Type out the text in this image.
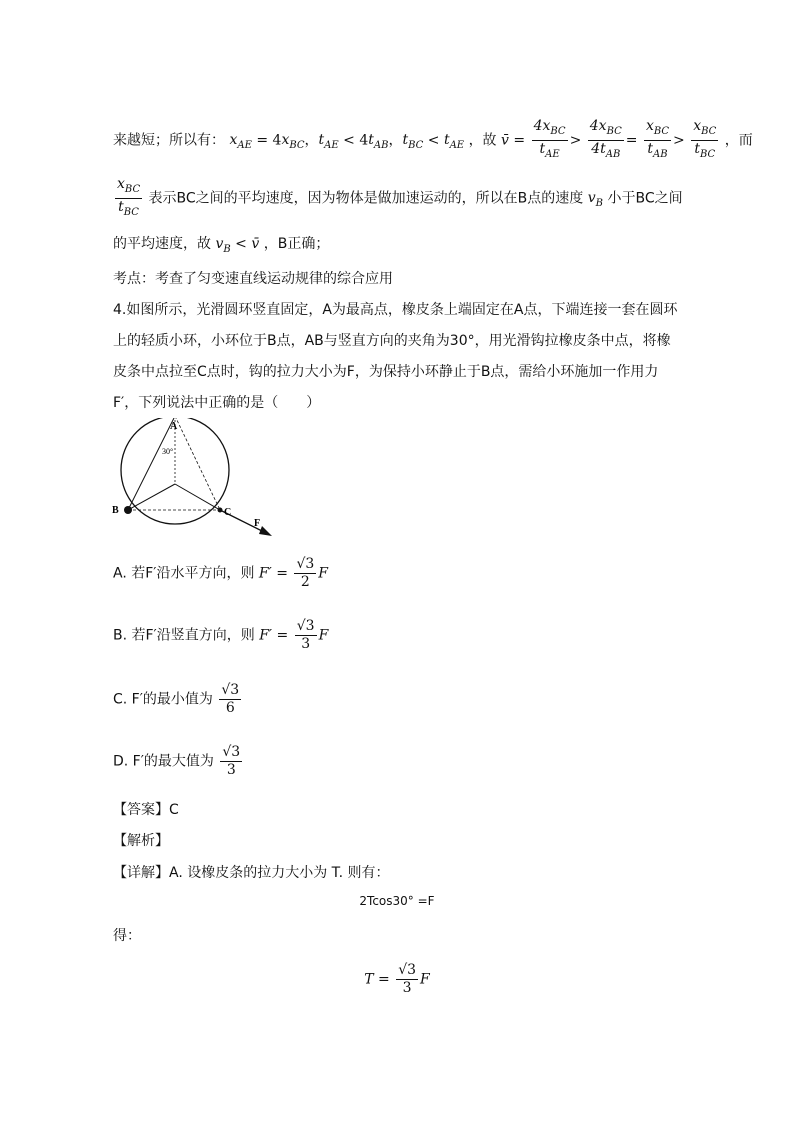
来越短；所以有： $x_{AE} = 4x_{BC}$，$t_{AE} < 4t_{AB}$，$t_{BC} < t_{AE}$ ，故 v̄ = $\frac{4x_{BC}}{t_{AE}} > \frac{4x_{BC}}{4t_{AB}} = \frac{x_{BC}}{t_{AB}} > \frac{x_{BC}}{t_{BC}}$ ，而
$\frac{x_{BC}}{t_{BC}}$ 表示BC之间的平均速度，因为物体是做加速运动的，所以在B点的速度 $v_B$ 小于BC之间
的平均速度，故 $v_B$ < v̄ ，B正确；
考点：考查了匀变速直线运动规律的综合应用
4.如图所示，光滑圆环竖直固定，A为最高点，橡皮条上端固定在A点，下端连接一套在圆环
上的轻质小环，小环位于B点，AB与竖直方向的夹角为30°，用光滑钩拉橡皮条中点，将橡
皮条中点拉至C点时，钩的拉力大小为F，为保持小环静止于B点，需给小环施加一作用力
F′，下列说法中正确的是（　　）
A
B	C
F
30°
A. 若F′沿水平方向，则 $F' = \frac{√3}{2}$ F
B. 若F′沿竖直方向，则 $F' = \frac{√3}{3}$ F
C. F′的最小值为 $\frac{√3}{6}$
D. F′的最大值为 $\frac{√3}{3}$
【答案】C
【解析】
【详解】A. 设橡皮条的拉力大小为 T. 则有：
2Tcos30° =F
得：
$T = \frac{√3}{3}$ F
